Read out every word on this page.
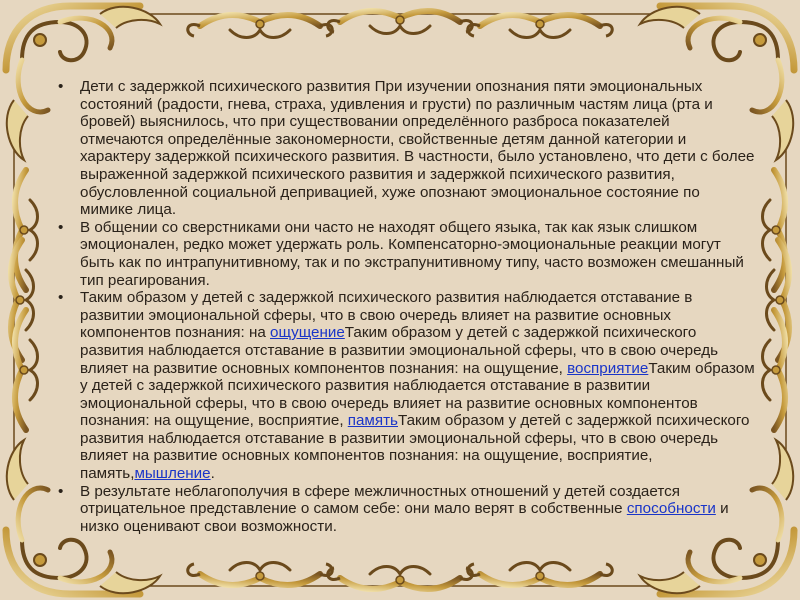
• Дети с задержкой психического развития При изучении опознания пяти эмоциональных состояний (радости, гнева, страха, удивления и грусти) по различным частям лица (рта и бровей) выяснилось, что при существовании определённого разброса показателей отмечаются определённые закономерности, свойственные детям данной категории и характеру задержкой психического развития. В частности, было установлено, что дети с более выраженной задержкой психического развития и задержкой психического развития, обусловленной социальной депривацией, хуже опознают эмоциональное состояние по мимике лица.
• В общении со сверстниками они часто не находят общего языка, так как язык слишком эмоционален, редко может удержать роль. Компенсаторно-эмоциональные реакции могут быть как по интрапунитивному, так и по экстрапунитивному типу, часто возможен смешанный тип реагирования.
• Таким образом у детей с задержкой психического развития наблюдается отставание в развитии эмоциональной сферы, что в свою очередь влияет на развитие основных компонентов познания: на ощущениеТаким образом у детей с задержкой психического развития наблюдается отставание в развитии эмоциональной сферы, что в свою очередь влияет на развитие основных компонентов познания: на ощущение, восприятиеТаким образом у детей с задержкой психического развития наблюдается отставание в развитии эмоциональной сферы, что в свою очередь влияет на развитие основных компонентов познания: на ощущение, восприятие, памятьТаким образом у детей с задержкой психического развития наблюдается отставание в развитии эмоциональной сферы, что в свою очередь влияет на развитие основных компонентов познания: на ощущение, восприятие, память,мышление.
• В результате неблагополучия в сфере межличностных отношений у детей создается отрицательное представление о самом себе: они мало верят в собственные способности и низко оценивают свои возможности.
